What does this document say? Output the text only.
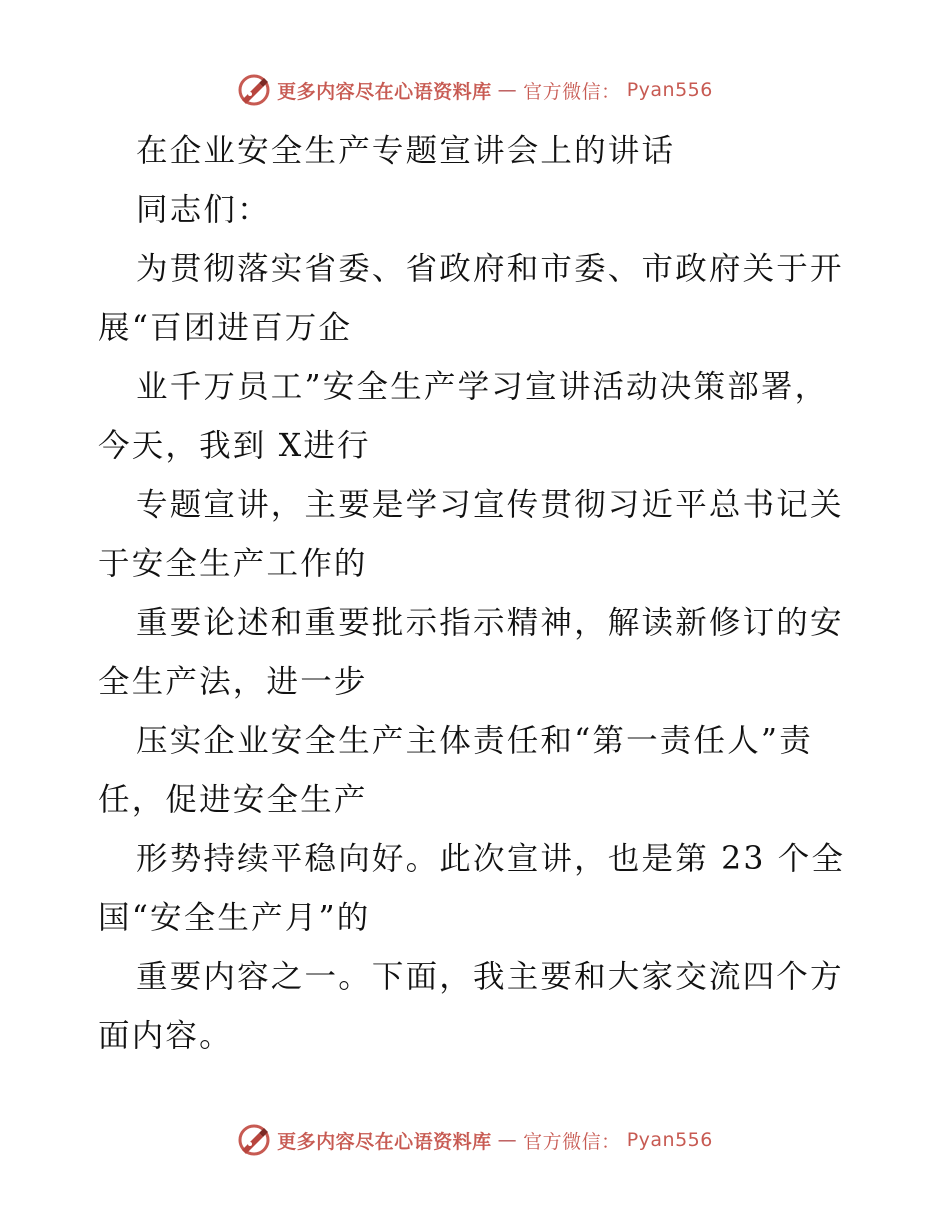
更多内容尽在心语资料库 — 官方微信： Pyan556
在企业安全生产专题宣讲会上的讲话
同志们：
为贯彻落实省委、省政府和市委、市政府关于开
展“百团进百万企
业千万员工”安全生产学习宣讲活动决策部署，
今天，我到 X进行
专题宣讲，主要是学习宣传贯彻习近平总书记关
于安全生产工作的
重要论述和重要批示指示精神，解读新修订的安
全生产法，进一步
压实企业安全生产主体责任和“第一责任人”责
任，促进安全生产
形势持续平稳向好。此次宣讲，也是第 23 个全
国“安全生产月”的
重要内容之一。下面，我主要和大家交流四个方
面内容。
更多内容尽在心语资料库 — 官方微信： Pyan556
